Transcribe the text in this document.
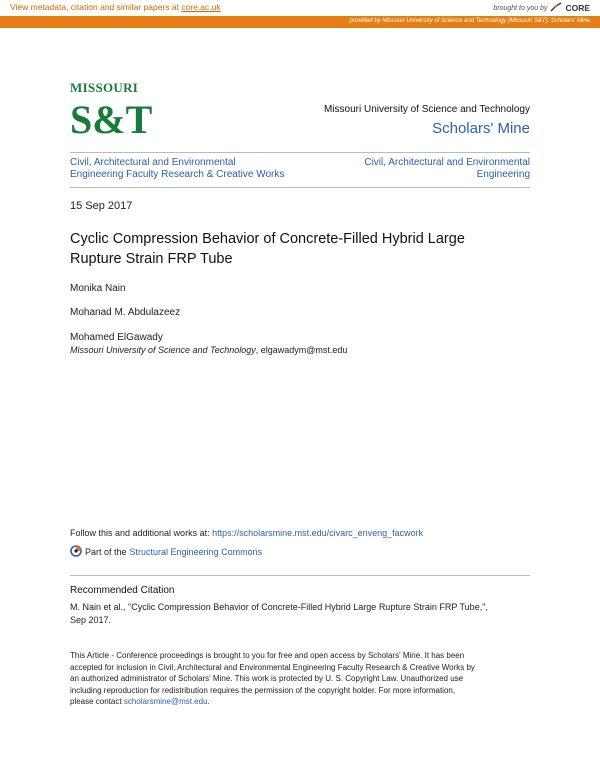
View metadata, citation and similar papers at core.ac.uk	brought to you by CORE
provided by Missouri University of Science and Technology (Missouri S&T): Scholars' Mine
MISSOURI
S&T	Missouri University of Science and Technology
Scholars' Mine
Civil, Architectural and Environmental
Engineering Faculty Research & Creative Works
Civil, Architectural and Environmental
Engineering
15 Sep 2017
Cyclic Compression Behavior of Concrete-Filled Hybrid Large
Rupture Strain FRP Tube
Monika Nain
Mohanad M. Abdulazeez
Mohamed ElGawady
Missouri University of Science and Technology, elgawadym@mst.edu
Follow this and additional works at: https://scholarsmine.mst.edu/civarc_enveng_facwork
Part of the Structural Engineering Commons
Recommended Citation
M. Nain et al., "Cyclic Compression Behavior of Concrete-Filled Hybrid Large Rupture Strain FRP Tube,",
Sep 2017.
This Article - Conference proceedings is brought to you for free and open access by Scholars' Mine. It has been
accepted for inclusion in Civil, Architectural and Environmental Engineering Faculty Research & Creative Works by
an authorized administrator of Scholars' Mine. This work is protected by U. S. Copyright Law. Unauthorized use
including reproduction for redistribution requires the permission of the copyright holder. For more information,
please contact scholarsmine@mst.edu.
